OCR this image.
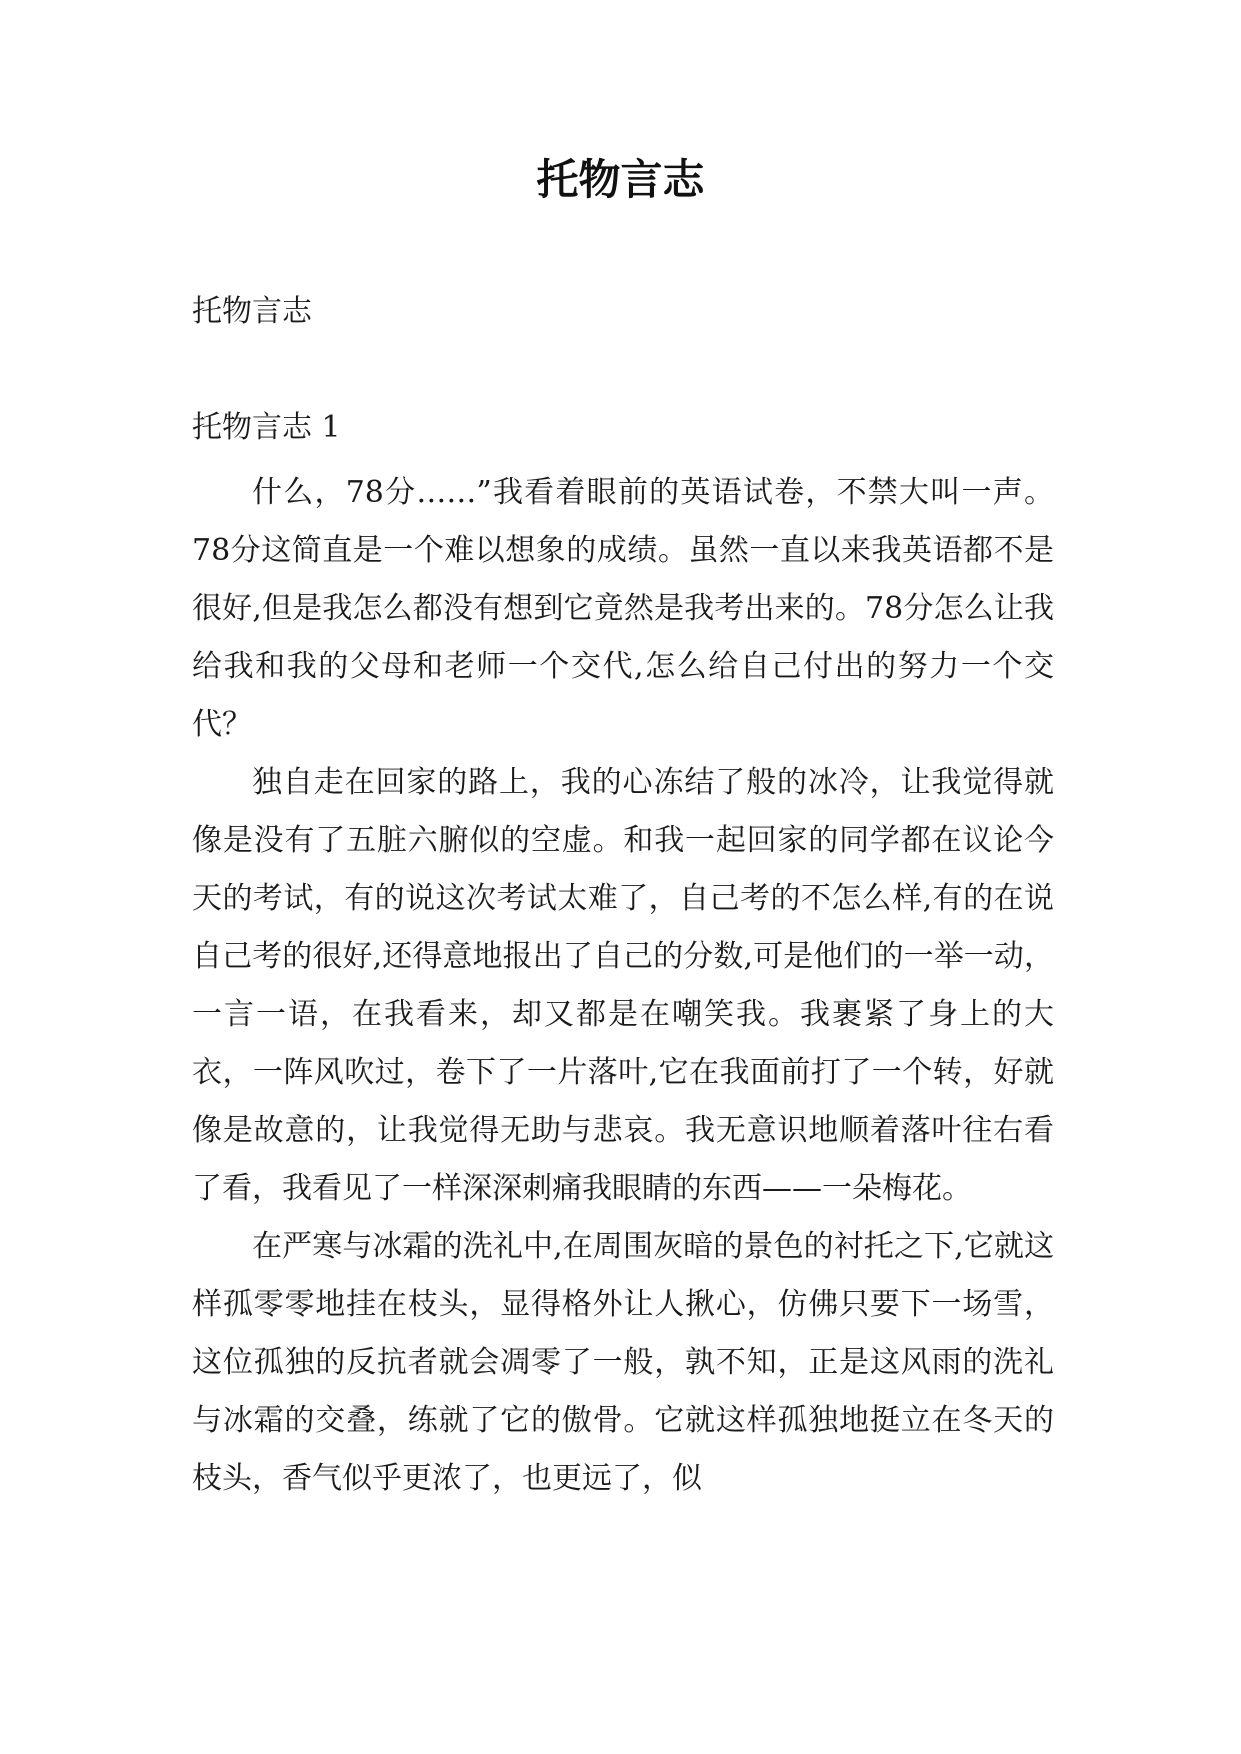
托物言志
托物言志
托物言志 1

什么，78分……”我看着眼前的英语试卷，不禁大叫一声。78分这简直是一个难以想象的成绩。虽然一直以来我英语都不是很好,但是我怎么都没有想到它竟然是我考出来的。78分怎么让我给我和我的父母和老师一个交代,怎么给自己付出的努力一个交代？

独自走在回家的路上，我的心冻结了般的冰冷，让我觉得就像是没有了五脏六腑似的空虚。和我一起回家的同学都在议论今天的考试，有的说这次考试太难了，自己考的不怎么样,有的在说自己考的很好,还得意地报出了自己的分数,可是他们的一举一动，一言一语，在我看来，却又都是在嘲笑我。我裹紧了身上的大衣，一阵风吹过，卷下了一片落叶,它在我面前打了一个转，好就像是故意的，让我觉得无助与悲哀。我无意识地顺着落叶往右看了看，我看见了一样深深刺痛我眼睛的东西——一朵梅花。

在严寒与冰霜的洗礼中,在周围灰暗的景色的衬托之下,它就这样孤零零地挂在枝头，显得格外让人揪心，仿佛只要下一场雪，这位孤独的反抗者就会凋零了一般，孰不知，正是这风雨的洗礼与冰霜的交叠，练就了它的傲骨。它就这样孤独地挺立在冬天的枝头，香气似乎更浓了，也更远了，似
